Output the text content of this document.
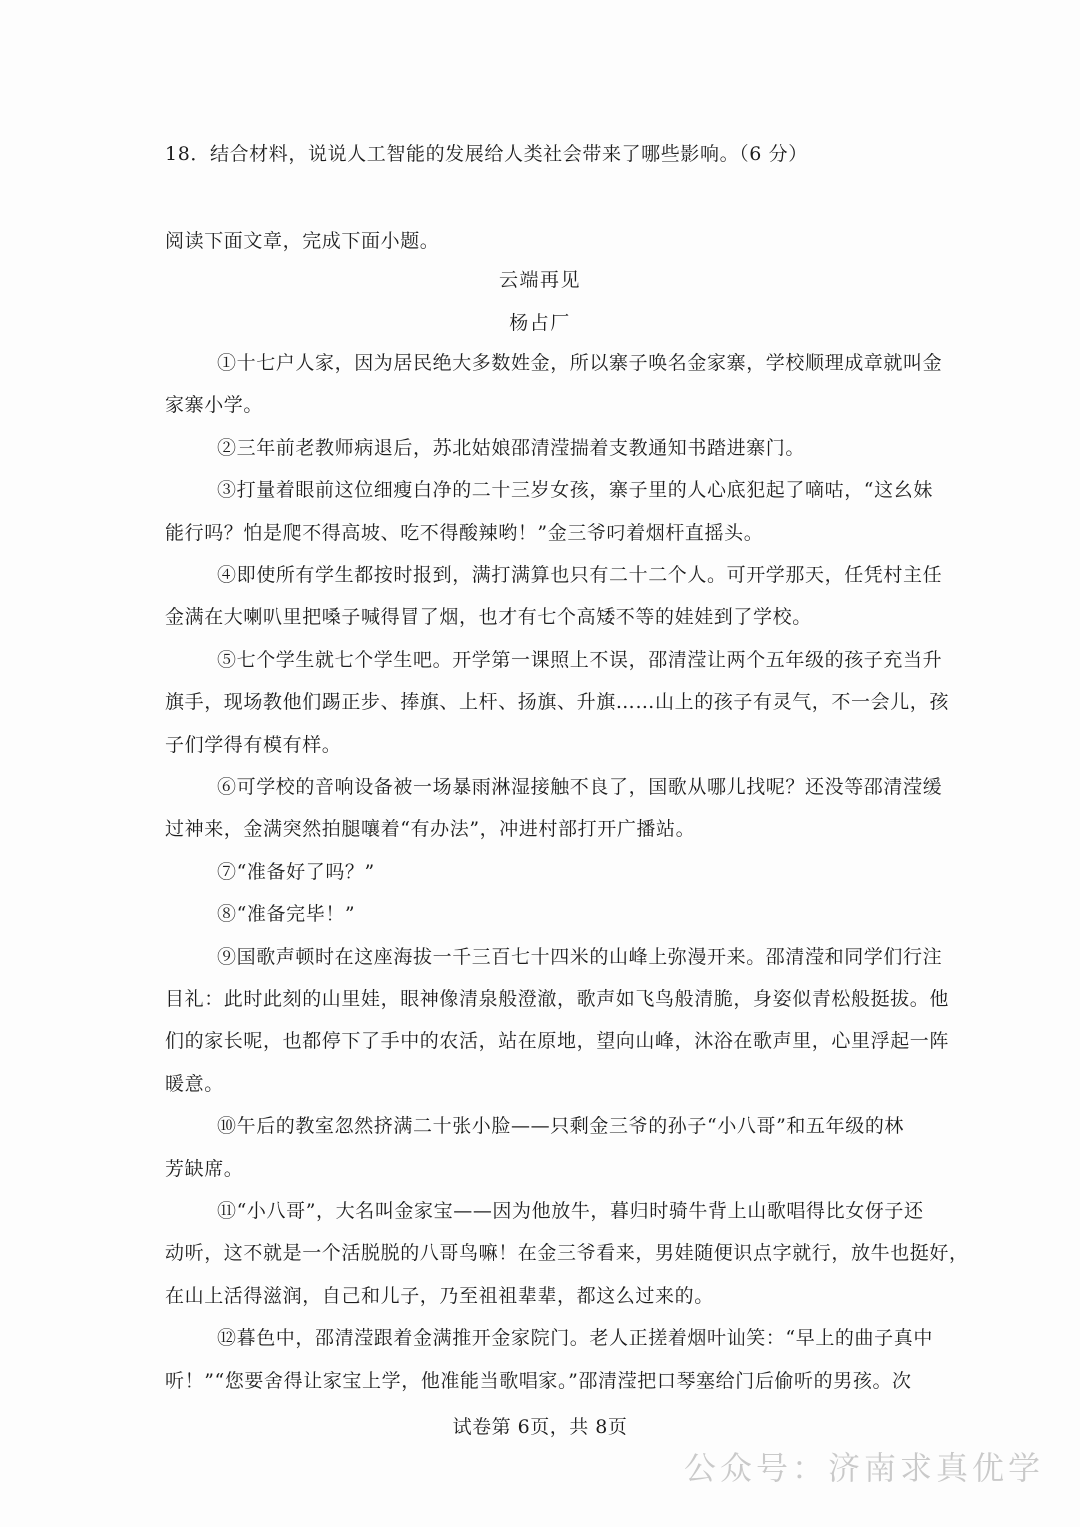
18．结合材料，说说人工智能的发展给人类社会带来了哪些影响。（6 分）
阅读下面文章，完成下面小题。
云端再见
杨占厂
①十七户人家，因为居民绝大多数姓金，所以寨子唤名金家寨，学校顺理成章就叫金
家寨小学。
②三年前老教师病退后，苏北姑娘邵清滢揣着支教通知书踏进寨门。
③打量着眼前这位细瘦白净的二十三岁女孩，寨子里的人心底犯起了嘀咕，“这幺妹
能行吗？怕是爬不得高坡、吃不得酸辣哟！”金三爷叼着烟杆直摇头。
④即使所有学生都按时报到，满打满算也只有二十二个人。可开学那天，任凭村主任
金满在大喇叭里把嗓子喊得冒了烟，也才有七个高矮不等的娃娃到了学校。
⑤七个学生就七个学生吧。开学第一课照上不误，邵清滢让两个五年级的孩子充当升
旗手，现场教他们踢正步、捧旗、上杆、扬旗、升旗……山上的孩子有灵气，不一会儿，孩
子们学得有模有样。
⑥可学校的音响设备被一场暴雨淋湿接触不良了，国歌从哪儿找呢？还没等邵清滢缓
过神来，金满突然拍腿嚷着“有办法”，冲进村部打开广播站。
⑦“准备好了吗？”
⑧“准备完毕！”
⑨国歌声顿时在这座海拔一千三百七十四米的山峰上弥漫开来。邵清滢和同学们行注
目礼：此时此刻的山里娃，眼神像清泉般澄澈，歌声如飞鸟般清脆，身姿似青松般挺拔。他
们的家长呢，也都停下了手中的农活，站在原地，望向山峰，沐浴在歌声里，心里浮起一阵
暖意。
⑩午后的教室忽然挤满二十张小脸——只剩金三爷的孙子“小八哥”和五年级的林
芳缺席。
⑪“小八哥”，大名叫金家宝——因为他放牛，暮归时骑牛背上山歌唱得比女伢子还
动听，这不就是一个活脱脱的八哥鸟嘛！在金三爷看来，男娃随便识点字就行，放牛也挺好，
在山上活得滋润，自己和儿子，乃至祖祖辈辈，都这么过来的。
⑫暮色中，邵清滢跟着金满推开金家院门。老人正搓着烟叶讪笑：“早上的曲子真中
听！”“您要舍得让家宝上学，他准能当歌唱家。”邵清滢把口琴塞给门后偷听的男孩。次
试卷第 6页，共 8页
公众号：济南求真优学
